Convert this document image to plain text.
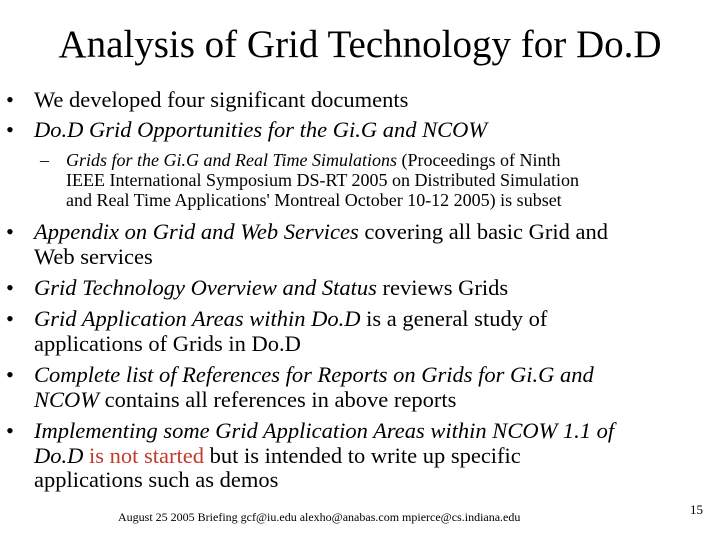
Analysis of Grid Technology for Do.D
• We developed four significant documents
• Do.D Grid Opportunities for the Gi.G and NCOW
– Grids for the Gi.G and Real Time Simulations (Proceedings of Ninth
IEEE International Symposium DS-RT 2005 on Distributed Simulation
and Real Time Applications' Montreal October 10-12 2005) is subset
• Appendix on Grid and Web Services covering all basic Grid and
Web services
• Grid Technology Overview and Status reviews Grids
• Grid Application Areas within Do.D is a general study of
applications of Grids in Do.D
• Complete list of References for Reports on Grids for Gi.G and
NCOW contains all references in above reports
• Implementing some Grid Application Areas within NCOW 1.1 of
Do.D is not started but is intended to write up specific
applications such as demos
August 25 2005 Briefing gcf@iu.edu alexho@anabas.com mpierce@cs.indiana.edu	15
